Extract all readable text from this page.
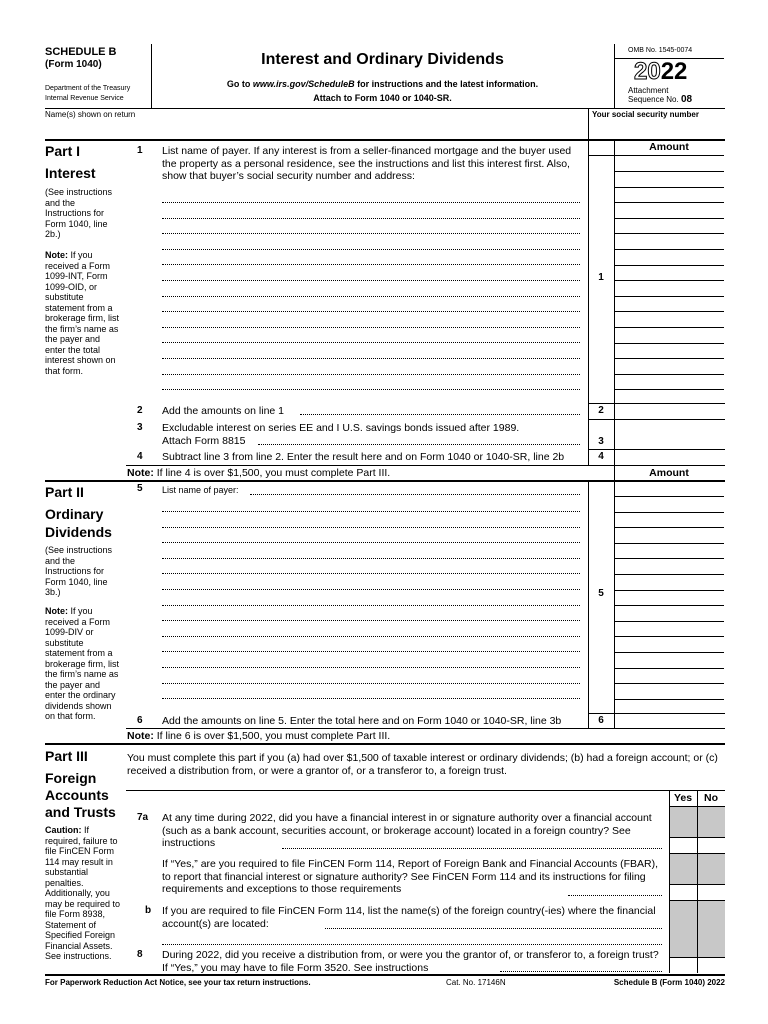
SCHEDULE B
(Form 1040)
Department of the Treasury
Internal Revenue Service
Interest and Ordinary Dividends
Go to www.irs.gov/ScheduleB for instructions and the latest information.
Attach to Form 1040 or 1040-SR.
OMB No. 1545-0074
2022
Attachment
Sequence No. 08
Name(s) shown on return	Your social security number
Part I
Interest
(See instructions and the Instructions for Form 1040, line 2b.)
Note: If you received a Form 1099-INT, Form 1099-OID, or substitute statement from a brokerage firm, list the firm’s name as the payer and enter the total interest shown on that form.
1 List name of payer. If any interest is from a seller-financed mortgage and the buyer used the property as a personal residence, see the instructions and list this interest first. Also, show that buyer’s social security number and address:
Amount
1
2 Add the amounts on line 1	2
3 Excludable interest on series EE and I U.S. savings bonds issued after 1989.
Attach Form 8815	3
4 Subtract line 3 from line 2. Enter the result here and on Form 1040 or 1040-SR, line 2b	4
Note: If line 4 is over $1,500, you must complete Part III.	Amount
Part II
Ordinary
Dividends
(See instructions and the Instructions for Form 1040, line 3b.)
Note: If you received a Form 1099-DIV or substitute statement from a brokerage firm, list the firm’s name as the payer and enter the ordinary dividends shown on that form.
5 List name of payer:
5
6 Add the amounts on line 5. Enter the total here and on Form 1040 or 1040-SR, line 3b	6
Note: If line 6 is over $1,500, you must complete Part III.
Part III
Foreign
Accounts
and Trusts
Caution: If required, failure to file FinCEN Form 114 may result in substantial penalties. Additionally, you may be required to file Form 8938, Statement of Specified Foreign Financial Assets. See instructions.
You must complete this part if you (a) had over $1,500 of taxable interest or ordinary dividends; (b) had a foreign account; or (c) received a distribution from, or were a grantor of, or a transferor to, a foreign trust.
Yes	No
7a At any time during 2022, did you have a financial interest in or signature authority over a financial account (such as a bank account, securities account, or brokerage account) located in a foreign country? See instructions
If “Yes,” are you required to file FinCEN Form 114, Report of Foreign Bank and Financial Accounts (FBAR), to report that financial interest or signature authority? See FinCEN Form 114 and its instructions for filing requirements and exceptions to those requirements
b If you are required to file FinCEN Form 114, list the name(s) of the foreign country(-ies) where the financial account(s) are located:
8 During 2022, did you receive a distribution from, or were you the grantor of, or transferor to, a foreign trust? If “Yes,” you may have to file Form 3520. See instructions
For Paperwork Reduction Act Notice, see your tax return instructions.	Cat. No. 17146N	Schedule B (Form 1040) 2022
